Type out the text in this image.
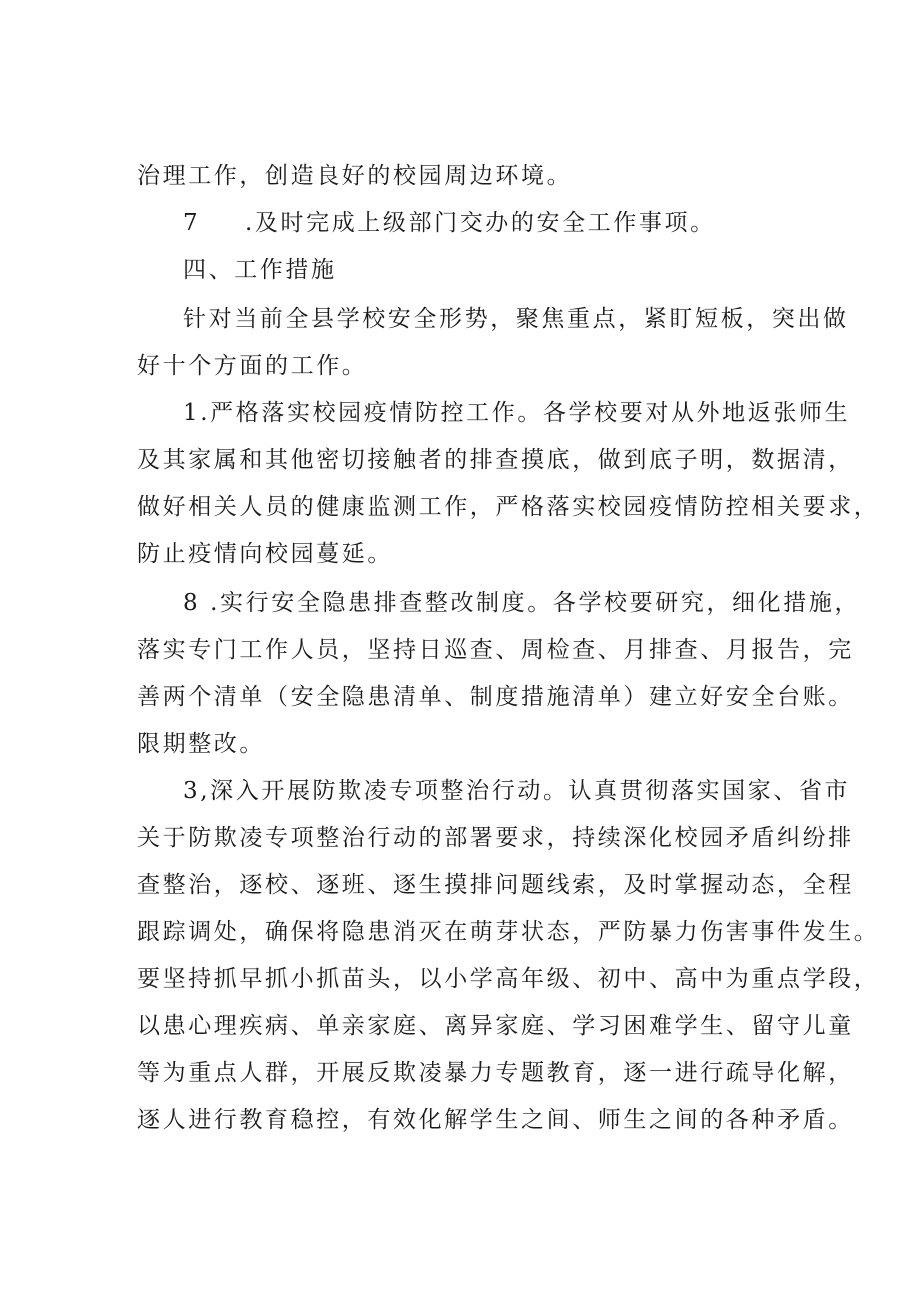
治理工作，创造良好的校园周边环境。
7 .及时完成上级部门交办的安全工作事项。
四、工作措施
针对当前全县学校安全形势，聚焦重点，紧盯短板，突出做
好十个方面的工作。
1.严格落实校园疫情防控工作。各学校要对从外地返张师生
及其家属和其他密切接触者的排查摸底，做到底子明，数据清，
做好相关人员的健康监测工作，严格落实校园疫情防控相关要求，
防止疫情向校园蔓延。
8 .实行安全隐患排查整改制度。各学校要研究，细化措施，
落实专门工作人员，坚持日巡查、周检查、月排查、月报告，完
善两个清单（安全隐患清单、制度措施清单）建立好安全台账。
限期整改。
3,深入开展防欺凌专项整治行动。认真贯彻落实国家、省市
关于防欺凌专项整治行动的部署要求，持续深化校园矛盾纠纷排
查整治，逐校、逐班、逐生摸排问题线索，及时掌握动态，全程
跟踪调处，确保将隐患消灭在萌芽状态，严防暴力伤害事件发生。
要坚持抓早抓小抓苗头，以小学高年级、初中、高中为重点学段，
以患心理疾病、单亲家庭、离异家庭、学习困难学生、留守儿童
等为重点人群，开展反欺凌暴力专题教育，逐一进行疏导化解，
逐人进行教育稳控，有效化解学生之间、师生之间的各种矛盾。
